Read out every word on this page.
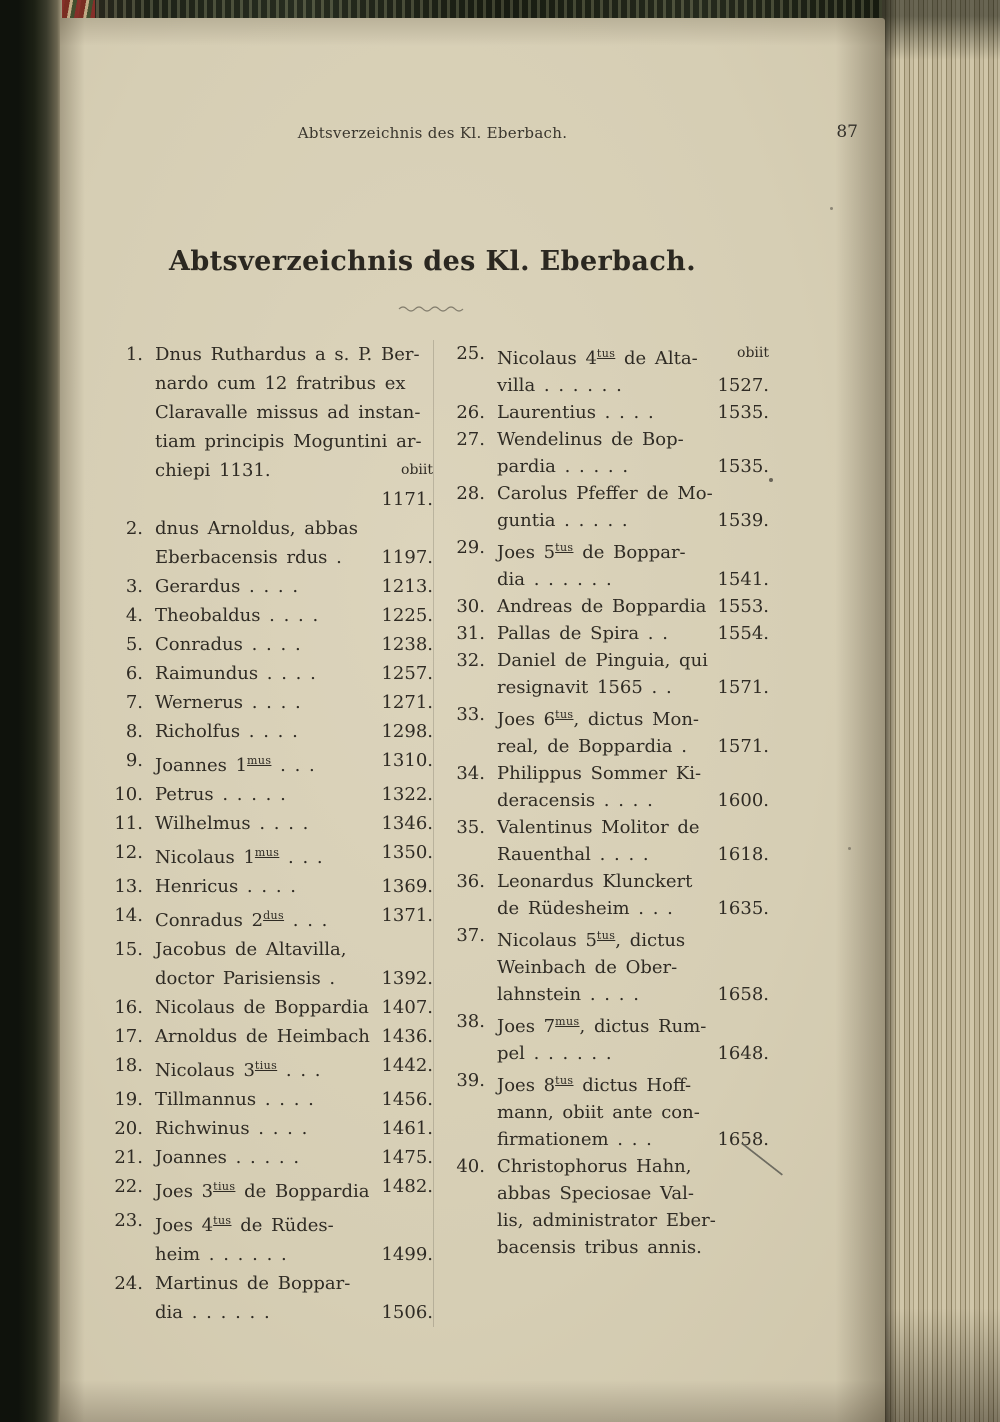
Abtsverzeichnis des Kl. Eberbach.	87
Abtsverzeichnis des Kl. Eberbach.
1. Dnus Ruthardus a s. P. Ber-
nardo cum 12 fratribus ex
Claravalle missus ad instan-
tiam principis Moguntini ar-
chiepi 1131.	obiit
1171.
2. dnus Arnoldus, abbas
Eberbacensis rdus .	1197.
3. Gerardus . . . .	1213.
4. Theobaldus . . . .	1225.
5. Conradus . . . .	1238.
6. Raimundus . . . .	1257.
7. Wernerus . . . .	1271.
8. Richolfus . . . .	1298.
9. Joannes $1^{mus}$ . . .	1310.
10. Petrus . . . . .	1322.
11. Wilhelmus . . . .	1346.
12. Nicolaus $1^{mus}$ . . .	1350.
13. Henricus . . . .	1369.
14. Conradus $2^{dus}$ . . .	1371.
15. Jacobus de Altavilla,
doctor Parisiensis .	1392.
16. Nicolaus de Boppardia 1407.
17. Arnoldus de Heimbach 1436.
18. Nicolaus $3^{tius}$ . . .	1442.
19. Tillmannus . . . .	1456.
20. Richwinus . . . .	1461.
21. Joannes . . . . .	1475.
22. Joes $3^{tius}$ de Boppardia 1482.
23. Joes $4^{tus}$ de Rüdes-
heim . . . . . .	1499.
24. Martinus de Boppar-
dia . . . . . .	1506.
25. Nicolaus $4^{tus}$ de Alta-	obiit
villa . . . . . .	1527.
26. Laurentius . . . .	1535.
27. Wendelinus de Bop-
pardia . . . . .	1535.
28. Carolus Pfeffer de Mo-
guntia . . . . .	1539.
29. Joes $5^{tus}$ de Boppar-
dia . . . . . .	1541.
30. Andreas de Boppardia 1553.
31. Pallas de Spira . .	1554.
32. Daniel de Pinguia, qui
resignavit 1565 . .	1571.
33. Joes $6^{tus}$, dictus Mon-
real, de Boppardia .	1571.
34. Philippus Sommer Ki-
deracensis . . . .	1600.
35. Valentinus Molitor de
Rauenthal . . . .	1618.
36. Leonardus Klunckert
de Rüdesheim . . .	1635.
37. Nicolaus $5^{tus}$, dictus
Weinbach de Ober-
lahnstein . . . .	1658.
38. Joes $7^{mus}$, dictus Rum-
pel . . . . . .	1648.
39. Joes $8^{tus}$ dictus Hoff-
mann, obiit ante con-
firmationem . . .	1658.
40. Christophorus Hahn,
abbas Speciosae Val-
lis, administrator Eber-
bacensis tribus annis.
